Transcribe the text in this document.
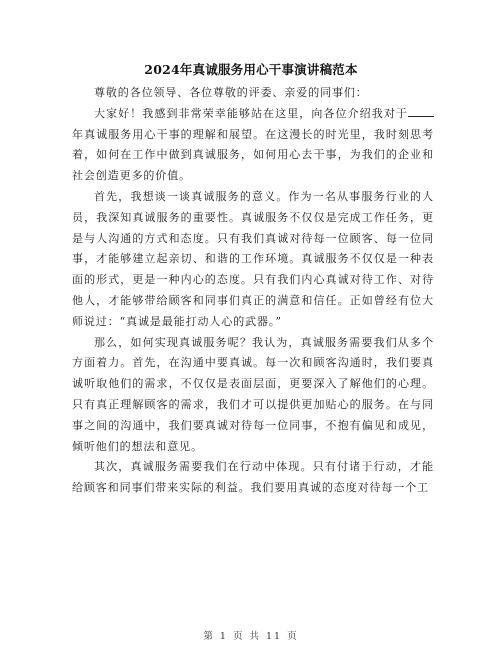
2024年真诚服务用心干事演讲稿范本

尊敬的各位领导、各位尊敬的评委、亲爱的同事们：

大家好！我感到非常荣幸能够站在这里，向各位介绍我对于年真诚服务用心干事的理解和展望。在这漫长的时光里，我时刻思考着，如何在工作中做到真诚服务，如何用心去干事，为我们的企业和社会创造更多的价值。

首先，我想谈一谈真诚服务的意义。作为一名从事服务行业的人员，我深知真诚服务的重要性。真诚服务不仅仅是完成工作任务，更是与人沟通的方式和态度。只有我们真诚对待每一位顾客、每一位同事，才能够建立起亲切、和谐的工作环境。真诚服务不仅仅是一种表面的形式，更是一种内心的态度。只有我们内心真诚对待工作、对待他人，才能够带给顾客和同事们真正的满意和信任。正如曾经有位大师说过：“真诚是最能打动人心的武器。”

那么，如何实现真诚服务呢？我认为，真诚服务需要我们从多个方面着力。首先，在沟通中要真诚。每一次和顾客沟通时，我们要真诚听取他们的需求，不仅仅是表面层面，更要深入了解他们的心理。只有真正理解顾客的需求，我们才可以提供更加贴心的服务。在与同事之间的沟通中，我们要真诚对待每一位同事，不抱有偏见和成见，倾听他们的想法和意见。

其次，真诚服务需要我们在行动中体现。只有付诸于行动，才能给顾客和同事们带来实际的利益。我们要用真诚的态度对待每一个工

第 1 页 共 11 页
